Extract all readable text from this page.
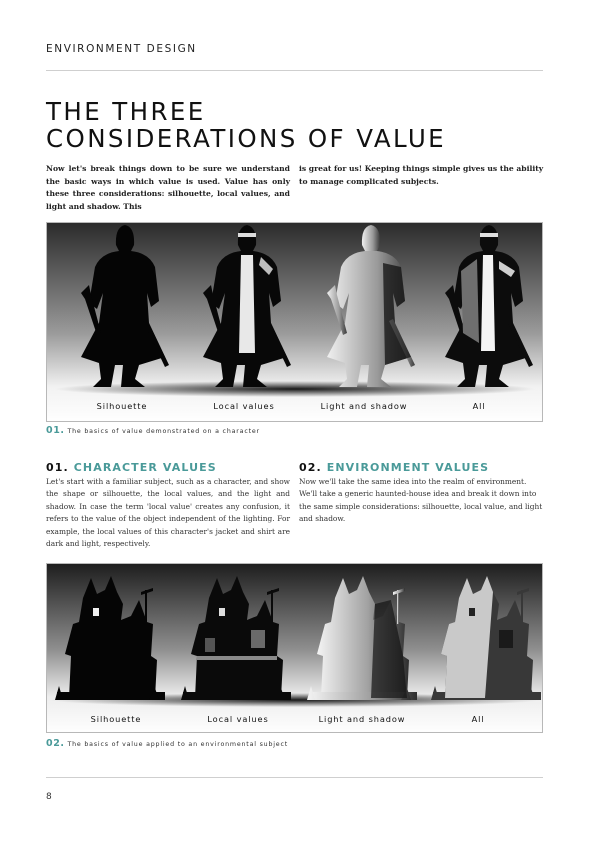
ENVIRONMENT DESIGN
THE THREE
CONSIDERATIONS OF VALUE

Now let's break things down to be sure we understand the basic ways in which value is used. Value has only these three considerations: silhouette, local values, and light and shadow. This

is great for us! Keeping things simple gives us the ability to manage complicated subjects.

Silhouette	Local values	Light and shadow	All
01. The basics of value demonstrated on a character
01. CHARACTER VALUES

Let's start with a familiar subject, such as a character, and show the shape or silhouette, the local values, and the light and shadow. In case the term 'local value' creates any confusion, it refers to the value of the object independent of the lighting. For example, the local values of this character's jacket and shirt are dark and light, respectively.

02. ENVIRONMENT VALUES

Now we'll take the same idea into the realm of environment. We'll take a generic haunted-house idea and break it down into the same simple considerations: silhouette, local value, and light and shadow.

Silhouette	Local values	Light and shadow	All
02. The basics of value applied to an environmental subject
8
